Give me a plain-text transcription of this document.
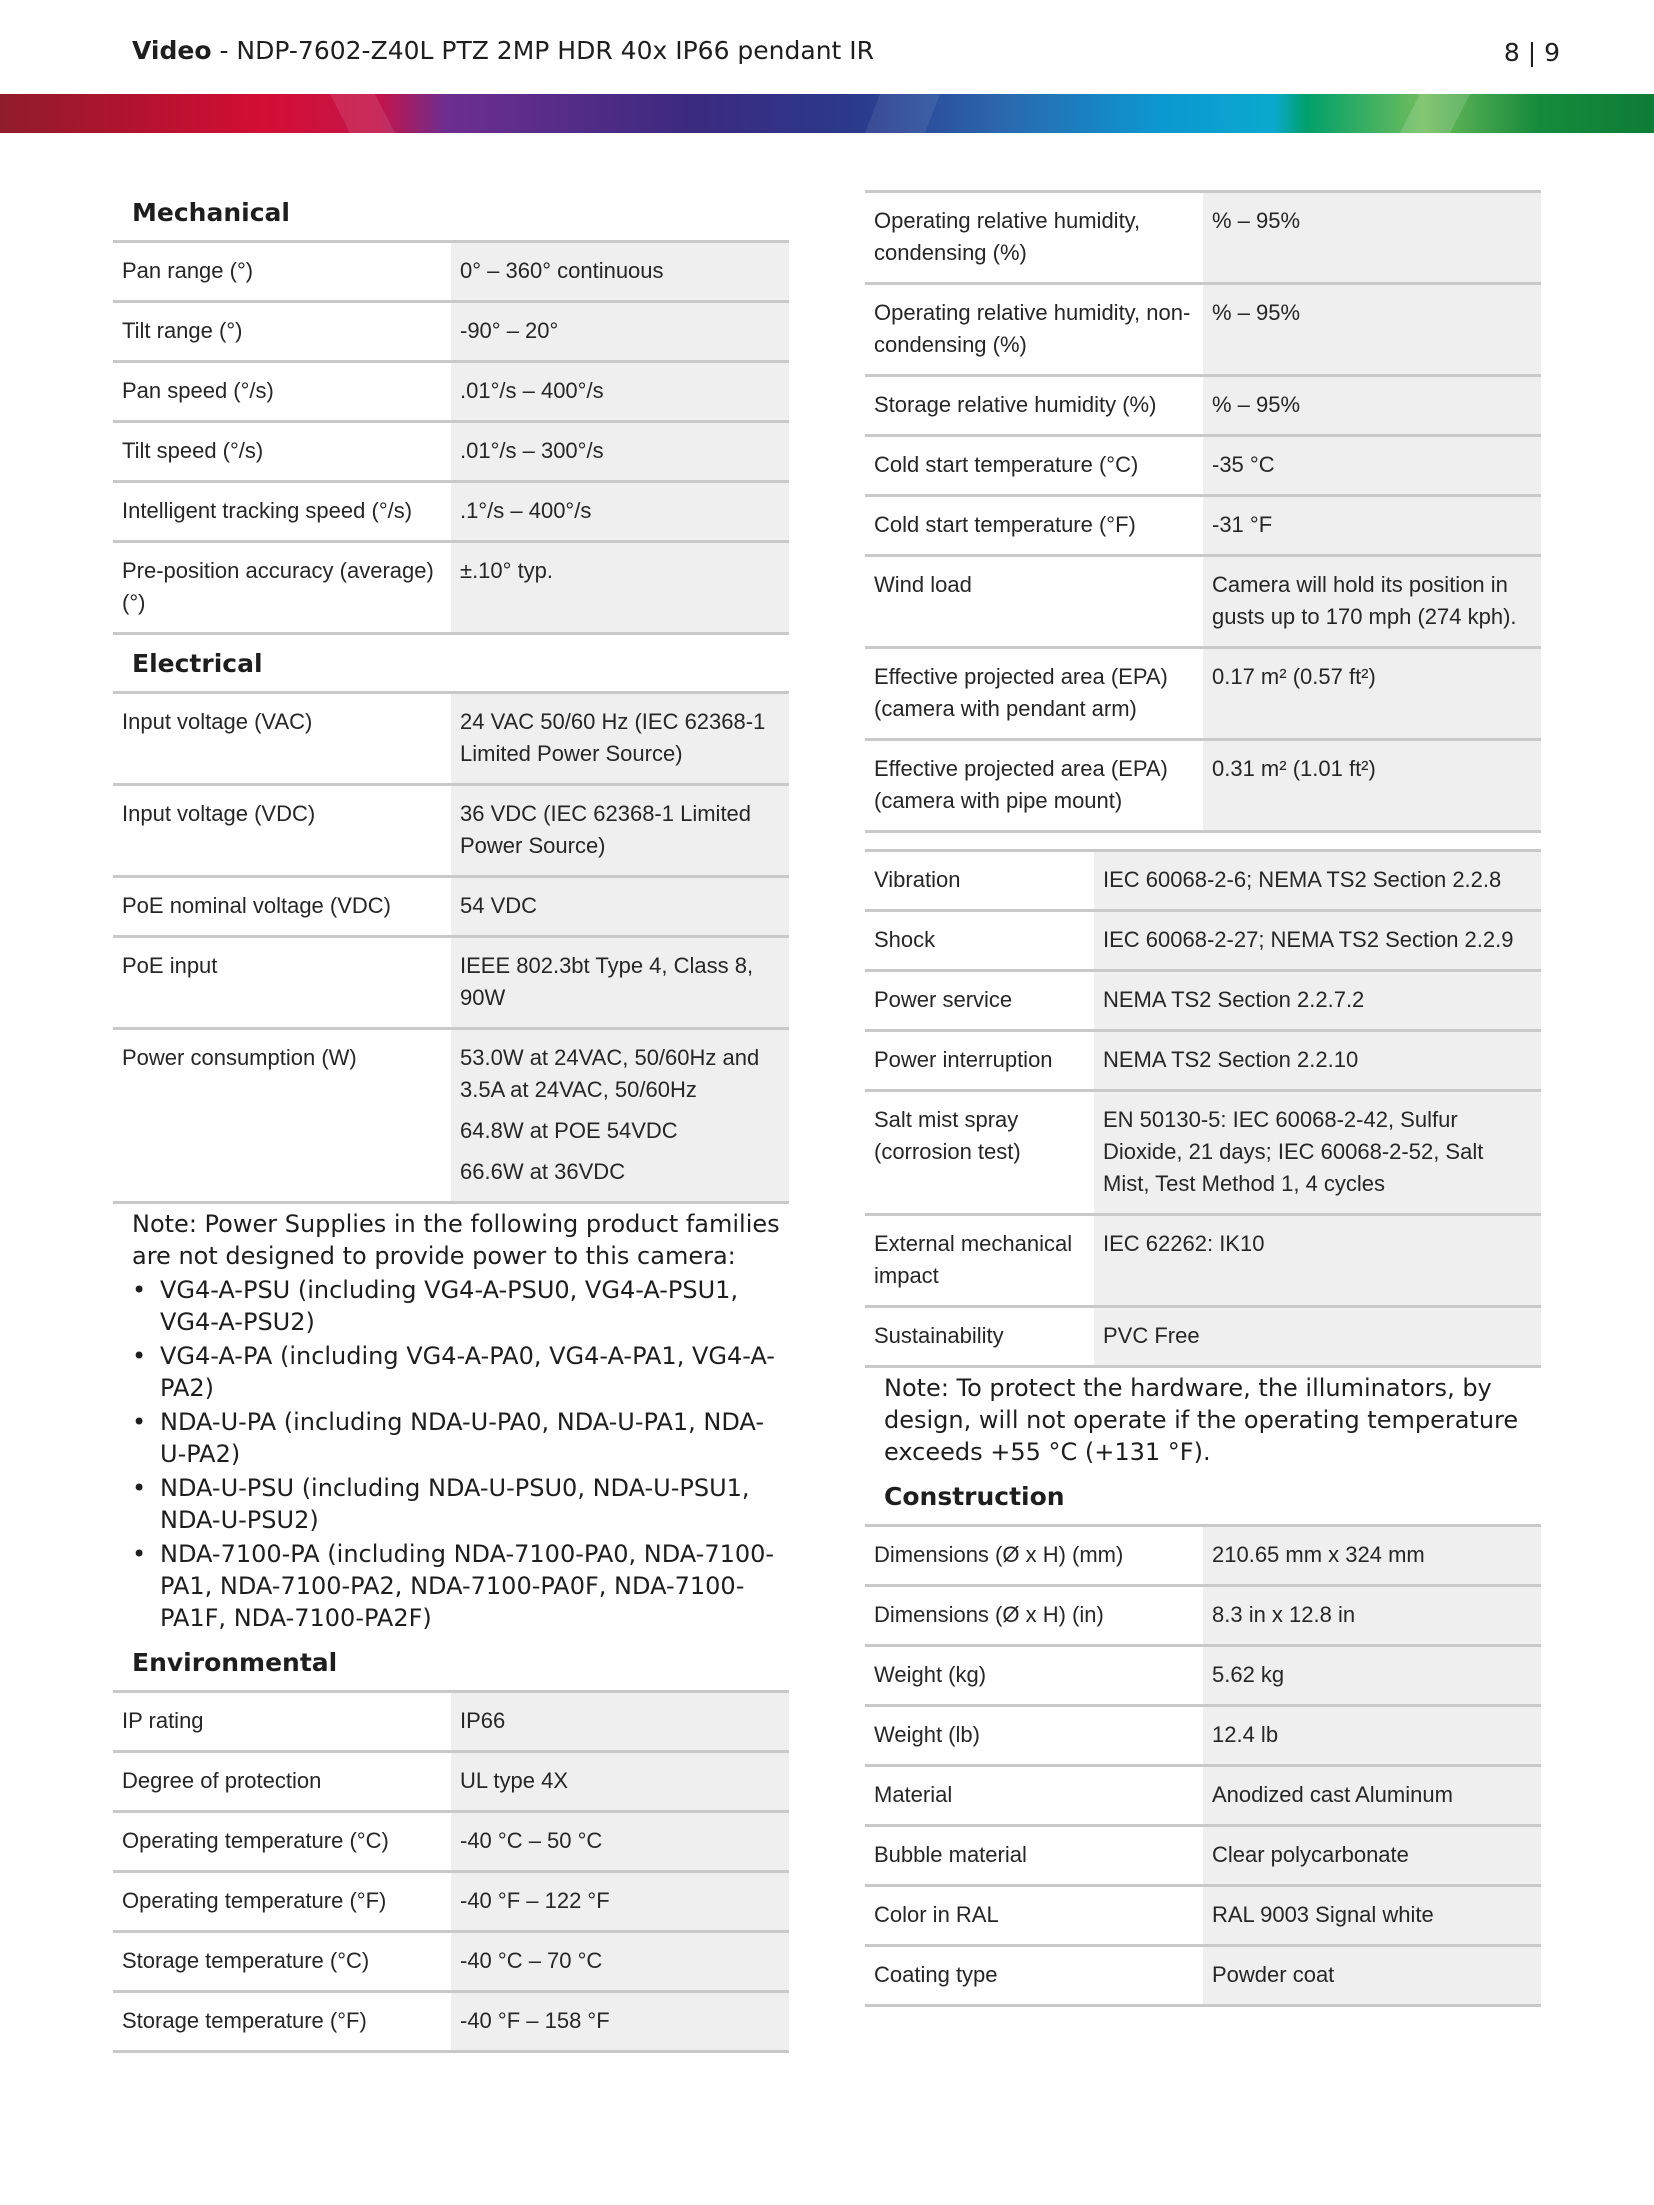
Video - NDP-7602-Z40L PTZ 2MP HDR 40x IP66 pendant IR	8 | 9
Mechanical
Pan range (°)	0° – 360° continuous
Tilt range (°)	-90° – 20°
Pan speed (°/s)	.01°/s – 400°/s
Tilt speed (°/s)	.01°/s – 300°/s
Intelligent tracking speed (°/s)	.1°/s – 400°/s
Pre-position accuracy (average) (°)	±.10° typ.
Electrical
Input voltage (VAC)	24 VAC 50/60 Hz (IEC 62368-1 Limited Power Source)
Input voltage (VDC)	36 VDC (IEC 62368-1 Limited Power Source)
PoE nominal voltage (VDC)	54 VDC
PoE input	IEEE 802.3bt Type 4, Class 8, 90W
Power consumption (W)	53.0W at 24VAC, 50/60Hz and 3.5A at 24VAC, 50/60Hz
64.8W at POE 54VDC
66.6W at 36VDC
Note: Power Supplies in the following product families are not designed to provide power to this camera:
• VG4-A-PSU (including VG4-A-PSU0, VG4-A-PSU1, VG4-A-PSU2)
• VG4-A-PA (including VG4-A-PA0, VG4-A-PA1, VG4-A-PA2)
• NDA-U-PA (including NDA-U-PA0, NDA-U-PA1, NDA-U-PA2)
• NDA-U-PSU (including NDA-U-PSU0, NDA-U-PSU1, NDA-U-PSU2)
• NDA-7100-PA (including NDA-7100-PA0, NDA-7100-PA1, NDA-7100-PA2, NDA-7100-PA0F, NDA-7100-PA1F, NDA-7100-PA2F)
Environmental
IP rating	IP66
Degree of protection	UL type 4X
Operating temperature (°C)	-40 °C – 50 °C
Operating temperature (°F)	-40 °F – 122 °F
Storage temperature (°C)	-40 °C – 70 °C
Storage temperature (°F)	-40 °F – 158 °F
Operating relative humidity, condensing (%)	% – 95%
Operating relative humidity, non-condensing (%)	% – 95%
Storage relative humidity (%)	% – 95%
Cold start temperature (°C)	-35 °C
Cold start temperature (°F)	-31 °F
Wind load	Camera will hold its position in gusts up to 170 mph (274 kph).
Effective projected area (EPA) (camera with pendant arm)	0.17 m² (0.57 ft²)
Effective projected area (EPA) (camera with pipe mount)	0.31 m² (1.01 ft²)
Vibration	IEC 60068-2-6; NEMA TS2 Section 2.2.8
Shock	IEC 60068-2-27; NEMA TS2 Section 2.2.9
Power service	NEMA TS2 Section 2.2.7.2
Power interruption	NEMA TS2 Section 2.2.10
Salt mist spray (corrosion test)	EN 50130-5: IEC 60068-2-42, Sulfur Dioxide, 21 days; IEC 60068-2-52, Salt Mist, Test Method 1, 4 cycles
External mechanical impact	IEC 62262: IK10
Sustainability	PVC Free
Note: To protect the hardware, the illuminators, by design, will not operate if the operating temperature exceeds +55 °C (+131 °F).
Construction
Dimensions (Ø x H) (mm)	210.65 mm x 324 mm
Dimensions (Ø x H) (in)	8.3 in x 12.8 in
Weight (kg)	5.62 kg
Weight (lb)	12.4 lb
Material	Anodized cast Aluminum
Bubble material	Clear polycarbonate
Color in RAL	RAL 9003 Signal white
Coating type	Powder coat
